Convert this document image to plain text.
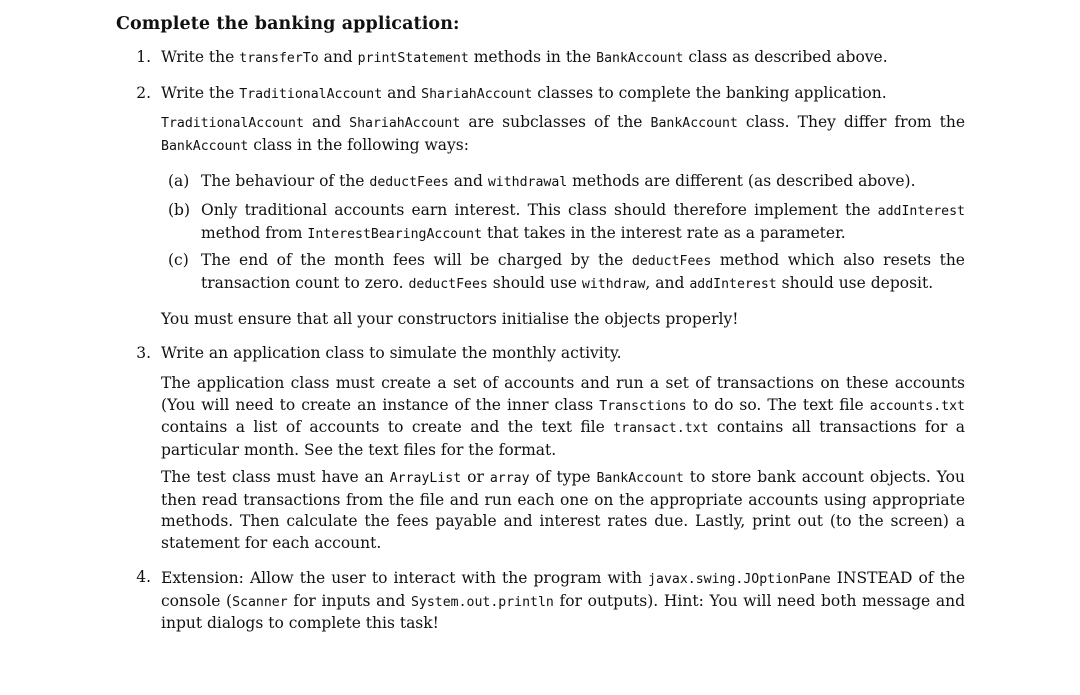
Complete the banking application:
1. Write the transferTo and printStatement methods in the BankAccount class as described above.
2. Write the TraditionalAccount and ShariahAccount classes to complete the banking application.
TraditionalAccount and ShariahAccount are subclasses of the BankAccount class. They differ from the BankAccount class in the following ways:
(a) The behaviour of the deductFees and withdrawal methods are different (as described above).
(b) Only traditional accounts earn interest. This class should therefore implement the addInterest method from InterestBearingAccount that takes in the interest rate as a parameter.
(c) The end of the month fees will be charged by the deductFees method which also resets the transaction count to zero. deductFees should use withdraw, and addInterest should use deposit.
You must ensure that all your constructors initialise the objects properly!
3. Write an application class to simulate the monthly activity.
The application class must create a set of accounts and run a set of transactions on these accounts (You will need to create an instance of the inner class Transctions to do so. The text file accounts.txt contains a list of accounts to create and the text file transact.txt contains all transactions for a particular month. See the text files for the format.
The test class must have an ArrayList or array of type BankAccount to store bank account objects. You then read transactions from the file and run each one on the appropriate accounts using appropriate methods. Then calculate the fees payable and interest rates due. Lastly, print out (to the screen) a statement for each account.
4. Extension: Allow the user to interact with the program with javax.swing.JOptionPane INSTEAD of the console (Scanner for inputs and System.out.println for outputs). Hint: You will need both message and input dialogs to complete this task!
